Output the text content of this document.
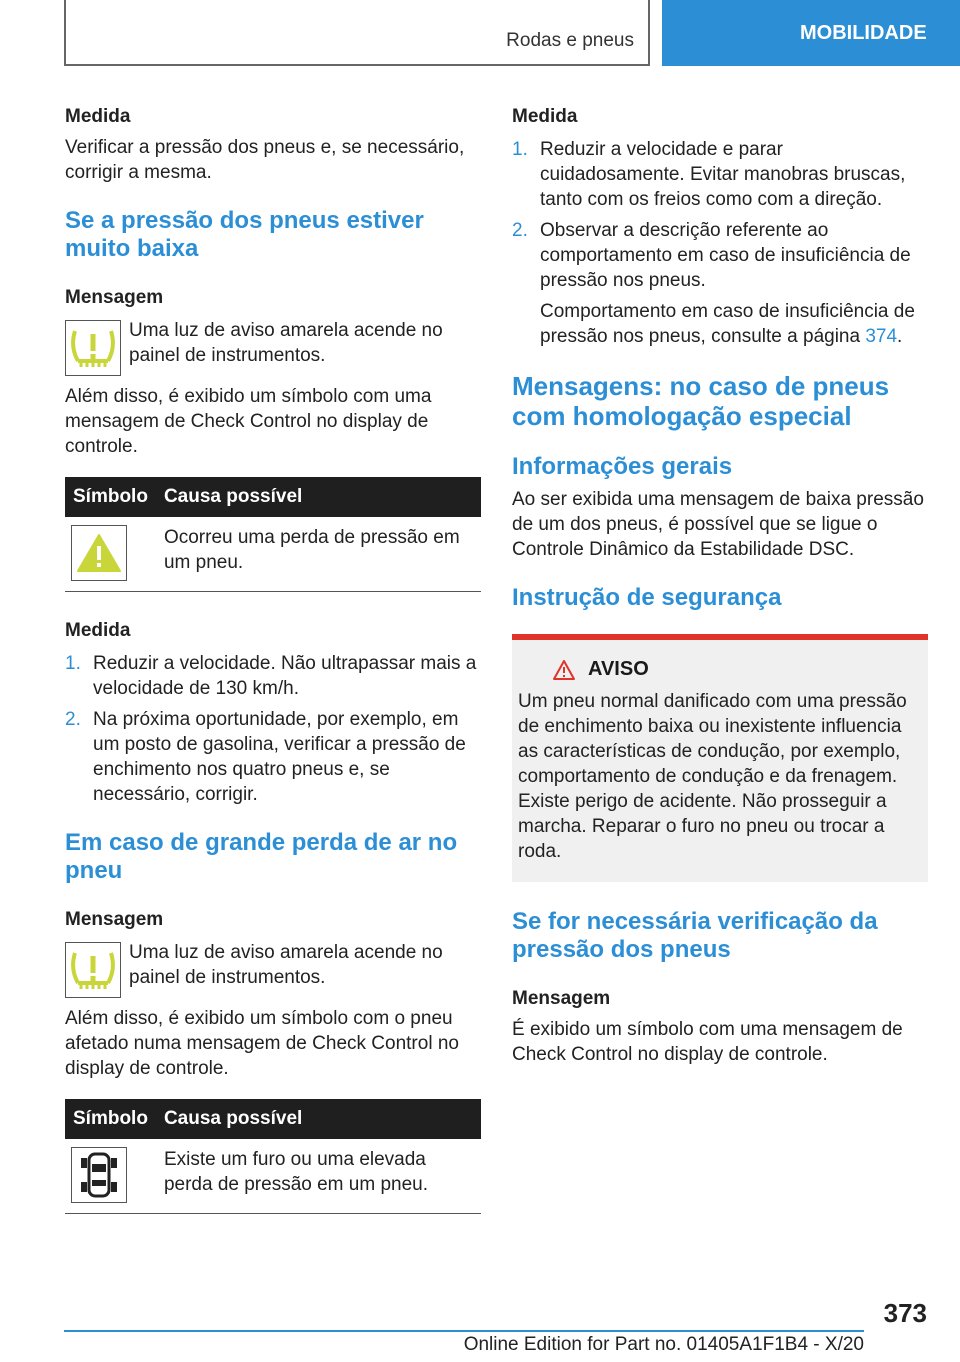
Rodas e pneus	MOBILIDADE
Medida

Verificar a pressão dos pneus e, se necessário, corrigir a mesma.

Se a pressão dos pneus estiver muito baixa
Mensagem

Uma luz de aviso amarela acende no painel de instrumentos.

Além disso, é exibido um símbolo com uma mensagem de Check Control no display de controle.

Símbolo	Causa possível

	Ocorreu uma perda de pressão em um pneu.
Medida
1. Reduzir a velocidade. Não ultrapassar mais a velocidade de 130 km/h.
2. Na próxima oportunidade, por exemplo, em um posto de gasolina, verificar a pressão de enchimento nos quatro pneus e, se necessário, corrigir.
Em caso de grande perda de ar no pneu
Mensagem

Uma luz de aviso amarela acende no painel de instrumentos.

Além disso, é exibido um símbolo com o pneu afetado numa mensagem de Check Control no display de controle.

Símbolo	Causa possível

	Existe um furo ou uma elevada perda de pressão em um pneu.
Medida
1. Reduzir a velocidade e parar cuidadosamente. Evitar manobras bruscas, tanto com os freios como com a direção.
2. Observar a descrição referente ao comportamento em caso de insuficiência de pressão nos pneus.

Comportamento em caso de insuficiência de pressão nos pneus, consulte a página 374.

Mensagens: no caso de pneus com homologação especial
Informações gerais

Ao ser exibida uma mensagem de baixa pressão de um dos pneus, é possível que se ligue o Controle Dinâmico da Estabilidade DSC.

Instrução de segurança
AVISO

Um pneu normal danificado com uma pressão de enchimento baixa ou inexistente influencia as características de condução, por exemplo, comportamento de condução e da frenagem. Existe perigo de acidente. Não prosseguir a marcha. Reparar o furo no pneu ou trocar a roda.

Se for necessária verificação da pressão dos pneus
Mensagem

É exibido um símbolo com uma mensagem de Check Control no display de controle.

373
Online Edition for Part no. 01405A1F1B4 - X/20
